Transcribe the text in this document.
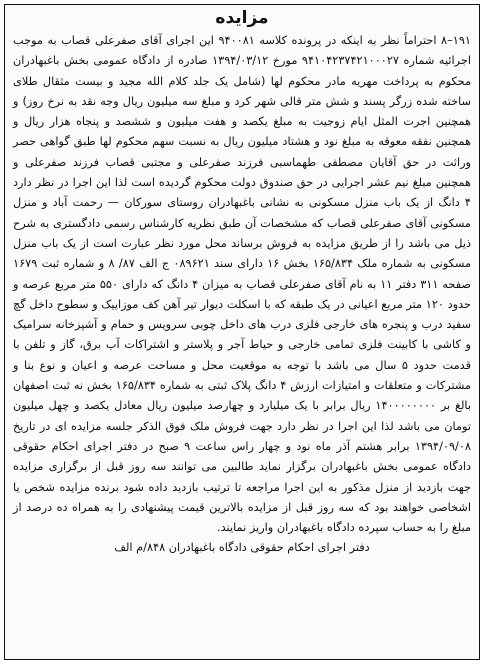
مزایده

۱۹۱–۸ احتراماً نظر به اینکه در پرونده کلاسه ۹۴۰۰۸۱ این اجرای آقای صفرعلی قصاب به موجب اجرائیه شماره ۹۴۱۰۴۲۳۷۴۲۱۰۰۰۲۷ مورخ ۱۳۹۴/۰۳/۱۲ صادره از دادگاه عمومی بخش باغبهادران محکوم به پرداخت مهریه مادر محکوم لها (شامل یک جلد کلام الله مجید و بیست مثقال طلای ساخته شده زرگر پسند و شش متر قالی شهر کرد و مبلغ سه میلیون ریال وجه نقد به نرخ روز) و همچنین اجرت المثل ایام زوجیت به مبلغ یکصد و هفت میلیون و ششصد و پنجاه هزار ریال و همچنین نفقه معوقه به مبلغ نود و هشتاد میلیون ریال به نسبت سهم محکوم لها طبق گواهی حصر وراثت در حق آقایان مصطفی طهماسبی فرزند صفرعلی و مجتبی قصاب فرزند صفرعلی و همچنین مبلغ نیم عشر اجرایی در حق صندوق دولت محکوم گردیده است لذا این اجرا در نظر دارد ۴ دانگ از یک باب منزل مسکونی به نشانی باغبهادران روستای سورکان — رحمت آباد و منزل مسکونی آقای صفرعلی قصاب که مشخصات آن طبق نظریه کارشناس رسمی دادگستری به شرح ذیل می باشد را از طریق مزایده به فروش برساند محل مورد نظر عبارت است از یک باب منزل مسکونی به شماره ملک ۱۶۵/۸۳۴ بخش ۱۶ دارای سند ۰۸۹۶۲۱ ج الف ۸۷/ ۸ و شماره ثبت ۱۶۷۹ صفحه ۳۱۱ دفتر ۱۱ به نام آقای صفرعلی قصاب به میزان ۴ دانگ که دارای ۵۵۰ متر مربع عرصه و حدود ۱۲۰ متر مربع اعیانی در یک طبقه که با اسکلت دیوار تیر آهن کف موزاییک و سطوح داخل گچ سفید درب و پنجره های خارجی فلزی درب های داخل چوبی سرویس و حمام و آشپزخانه سرامیک و کاشی با کابینت فلزی تمامی خارجی و حیاط آجر و پلاستر و اشتراکات آب برق، گاز و تلفن با قدمت حدود ۵ سال می باشد با توجه به موقعیت محل و مساحت عرصه و اعیان و نوع بنا و مشترکات و متعلقات و امتیازات ارزش ۴ دانگ پلاک ثبتی به شماره ۱۶۵/۸۳۴ بخش نه ثبت اصفهان بالغ بر ۱۴۰۰۰۰۰۰۰۰ ریال برابر با یک میلیارد و چهارصد میلیون ریال معادل یکصد و چهل میلیون تومان می باشد لذا این اجرا در نظر دارد جهت فروش ملک فوق الذکر جلسه مزایده ای در تاریخ ۱۳۹۴/۰۹/۰۸ برابر هشتم آذر ماه نود و چهار راس ساعت ۹ صبح در دفتر اجرای احکام حقوقی دادگاه عمومی بخش باغبهادران برگزار نماید طالبین می توانند سه روز قبل از برگزاری مزایده جهت بازدید از منزل مذکور به این اجرا مراجعه تا ترتیب بازدید داده شود برنده مزایده شخص یا اشخاصی خواهند بود که سه روز قبل از مزایده بالاترین قیمت پیشنهادی را به همراه ده درصد از مبلغ را به حساب سپرده دادگاه باغبهادران واریز نمایند.

دفتر اجرای احکام حقوقی دادگاه باغبهادران ۸۴۸/م الف
